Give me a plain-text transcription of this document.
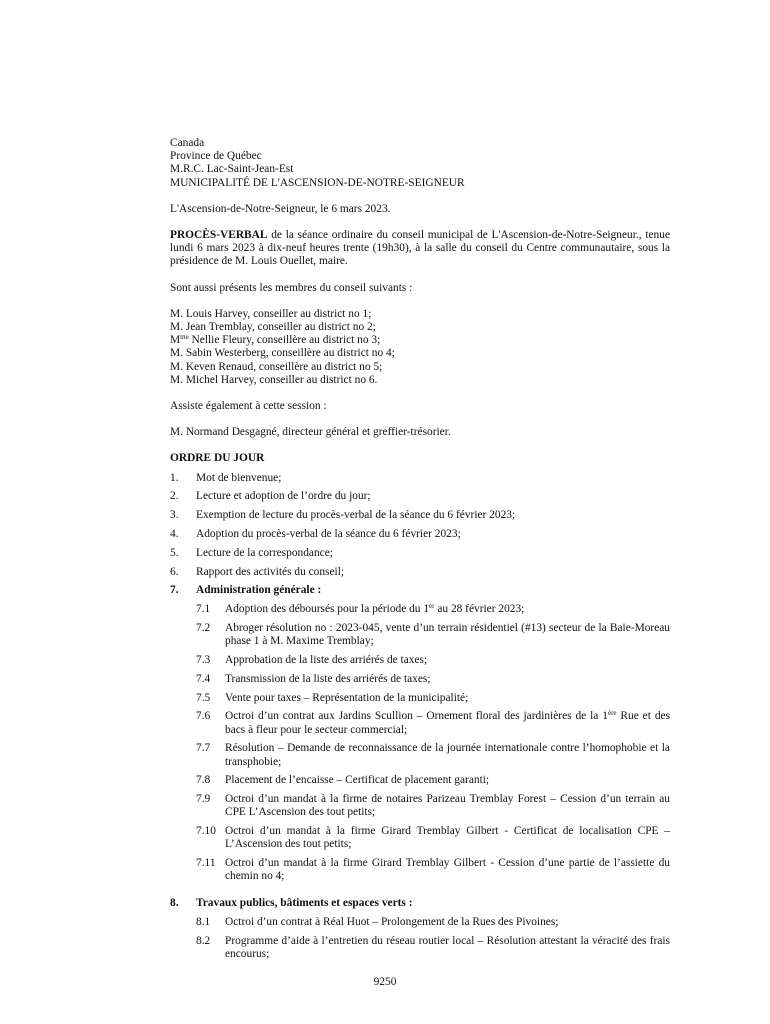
Canada
Province de Québec
M.R.C. Lac-Saint-Jean-Est
MUNICIPALITÉ DE L'ASCENSION-DE-NOTRE-SEIGNEUR
L'Ascension-de-Notre-Seigneur, le 6 mars 2023.
PROCÈS-VERBAL de la séance ordinaire du conseil municipal de L'Ascension-de-Notre-Seigneur., tenue lundi 6 mars 2023 à dix-neuf heures trente (19h30), à la salle du conseil du Centre communautaire, sous la présidence de M. Louis Ouellet, maire.
Sont aussi présents les membres du conseil suivants :
M. Louis Harvey, conseiller au district no 1;
M. Jean Tremblay, conseiller au district no 2;
$M^{me}$ Nellie Fleury, conseillère au district no 3;
M. Sabin Westerberg, conseillère au district no 4;
M. Keven Renaud, conseillère au district no 5;
M. Michel Harvey, conseiller au district no 6.
Assiste également à cette session :
M. Normand Desgagné, directeur général et greffier-trésorier.
ORDRE DU JOUR
1.	Mot de bienvenue;
2.	Lecture et adoption de l’ordre du jour;
3.	Exemption de lecture du procès-verbal de la séance du 6 février 2023;
4.	Adoption du procès-verbal de la séance du 6 février 2023;
5.	Lecture de la correspondance;
6.	Rapport des activités du conseil;
7.	Administration générale :
7.1	Adoption des déboursés pour la période du 1er au 28 février 2023;
7.2	Abroger résolution no : 2023-045, vente d’un terrain résidentiel (#13) secteur de la Baie-Moreau phase 1 à M. Maxime Tremblay;
7.3	Approbation de la liste des arriérés de taxes;
7.4	Transmission de la liste des arriérés de taxes;
7.5	Vente pour taxes – Représentation de la municipalité;
7.6	Octroi d’un contrat aux Jardins Scullion – Ornement floral des jardinières de la 1ère Rue et des bacs à fleur pour le secteur commercial;
7.7	Résolution – Demande de reconnaissance de la journée internationale contre l’homophobie et la transphobie;
7.8	Placement de l’encaisse – Certificat de placement garanti;
7.9	Octroi d’un mandat à la firme de notaires Parizeau Tremblay Forest – Cession d’un terrain au CPE L’Ascension des tout petits;
7.10 Octroi d’un mandat à la firme Girard Tremblay Gilbert - Certificat de localisation CPE – L’Ascension des tout petits;
7.11 Octroi d’un mandat à la firme Girard Tremblay Gilbert - Cession d’une partie de l’assiette du chemin no 4;
8.	Travaux publics, bâtiments et espaces verts :
8.1	Octroi d’un contrat à Réal Huot – Prolongement de la Rues des Pivoines;
8.2	Programme d’aide à l’entretien du réseau routier local – Résolution attestant la véracité des frais encourus;
9250
